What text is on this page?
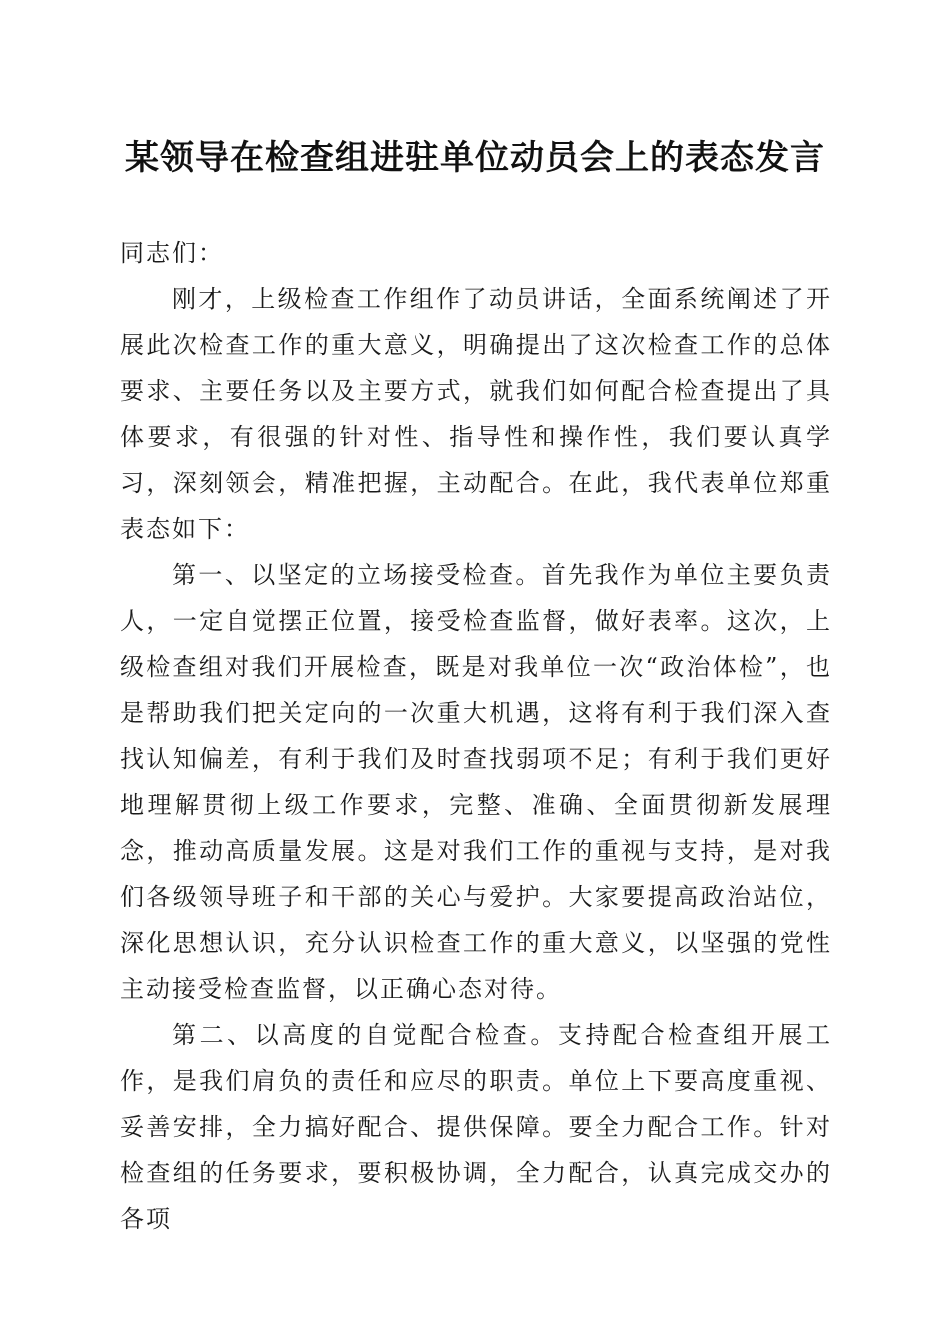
某领导在检查组进驻单位动员会上的表态发言

同志们：

刚才，上级检查工作组作了动员讲话，全面系统阐述了开展此次检查工作的重大意义，明确提出了这次检查工作的总体要求、主要任务以及主要方式，就我们如何配合检查提出了具体要求，有很强的针对性、指导性和操作性，我们要认真学习，深刻领会，精准把握，主动配合。在此，我代表单位郑重表态如下：

第一、以坚定的立场接受检查。首先我作为单位主要负责人，一定自觉摆正位置，接受检查监督，做好表率。这次，上级检查组对我们开展检查，既是对我单位一次“政治体检”，也是帮助我们把关定向的一次重大机遇，这将有利于我们深入查找认知偏差，有利于我们及时查找弱项不足；有利于我们更好地理解贯彻上级工作要求，完整、准确、全面贯彻新发展理念，推动高质量发展。这是对我们工作的重视与支持，是对我们各级领导班子和干部的关心与爱护。大家要提高政治站位，深化思想认识，充分认识检查工作的重大意义，以坚强的党性主动接受检查监督，以正确心态对待。

第二、以高度的自觉配合检查。支持配合检查组开展工作，是我们肩负的责任和应尽的职责。单位上下要高度重视、妥善安排，全力搞好配合、提供保障。要全力配合工作。针对检查组的任务要求，要积极协调，全力配合，认真完成交办的各项
